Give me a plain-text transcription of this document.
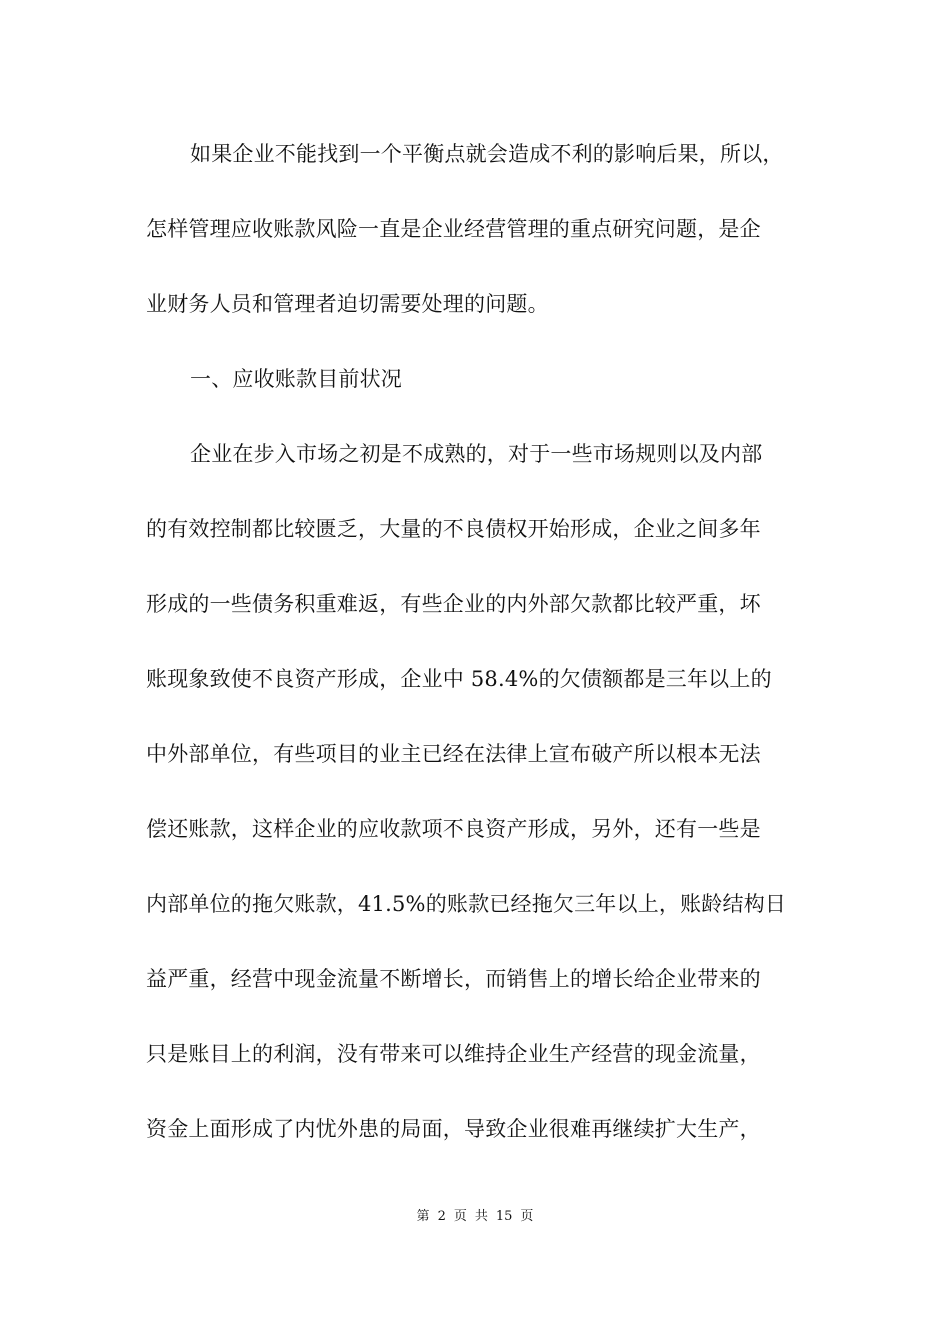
如果企业不能找到一个平衡点就会造成不利的影响后果，所以，
怎样管理应收账款风险一直是企业经营管理的重点研究问题，是企
业财务人员和管理者迫切需要处理的问题。
一、应收账款目前状况
企业在步入市场之初是不成熟的，对于一些市场规则以及内部
的有效控制都比较匮乏，大量的不良债权开始形成，企业之间多年
形成的一些债务积重难返，有些企业的内外部欠款都比较严重，坏
账现象致使不良资产形成，企业中 58.4%的欠债额都是三年以上的
中外部单位，有些项目的业主已经在法律上宣布破产所以根本无法
偿还账款，这样企业的应收款项不良资产形成，另外，还有一些是
内部单位的拖欠账款，41.5%的账款已经拖欠三年以上，账龄结构日
益严重，经营中现金流量不断增长，而销售上的增长给企业带来的
只是账目上的利润，没有带来可以维持企业生产经营的现金流量，
资金上面形成了内忧外患的局面，导致企业很难再继续扩大生产，
第 2 页 共 15 页
